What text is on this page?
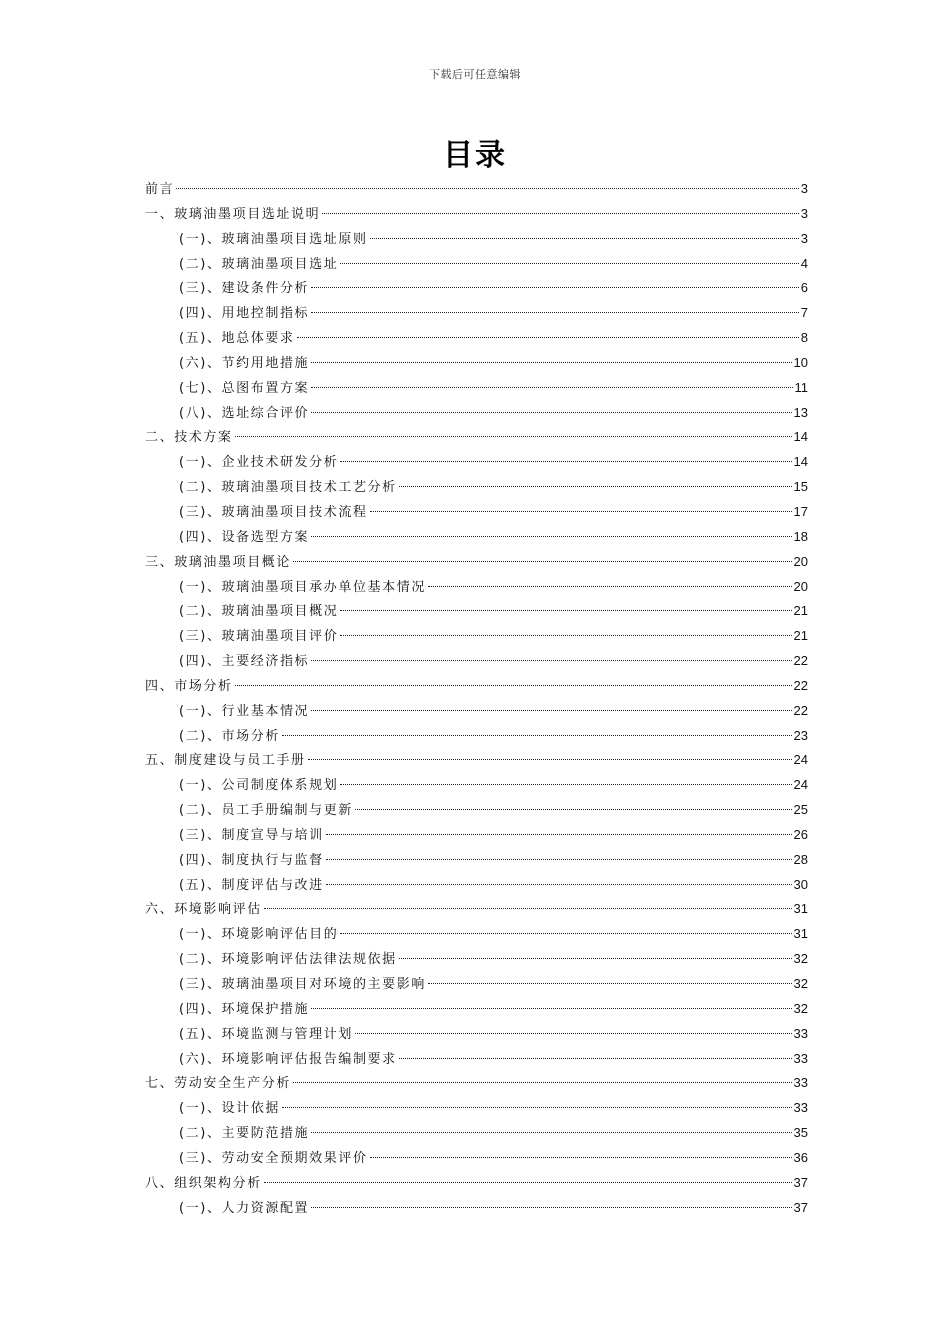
下载后可任意编辑
目录
前言	3
一、玻璃油墨项目选址说明	3
(一)、玻璃油墨项目选址原则	3
(二)、玻璃油墨项目选址	4
(三)、建设条件分析	6
(四)、用地控制指标	7
(五)、地总体要求	8
(六)、节约用地措施	10
(七)、总图布置方案	11
(八)、选址综合评价	13
二、技术方案	14
(一)、企业技术研发分析	14
(二)、玻璃油墨项目技术工艺分析	15
(三)、玻璃油墨项目技术流程	17
(四)、设备选型方案	18
三、玻璃油墨项目概论	20
(一)、玻璃油墨项目承办单位基本情况	20
(二)、玻璃油墨项目概况	21
(三)、玻璃油墨项目评价	21
(四)、主要经济指标	22
四、市场分析	22
(一)、行业基本情况	22
(二)、市场分析	23
五、制度建设与员工手册	24
(一)、公司制度体系规划	24
(二)、员工手册编制与更新	25
(三)、制度宣导与培训	26
(四)、制度执行与监督	28
(五)、制度评估与改进	30
六、环境影响评估	31
(一)、环境影响评估目的	31
(二)、环境影响评估法律法规依据	32
(三)、玻璃油墨项目对环境的主要影响	32
(四)、环境保护措施	32
(五)、环境监测与管理计划	33
(六)、环境影响评估报告编制要求	33
七、劳动安全生产分析	33
(一)、设计依据	33
(二)、主要防范措施	35
(三)、劳动安全预期效果评价	36
八、组织架构分析	37
(一)、人力资源配置	37
